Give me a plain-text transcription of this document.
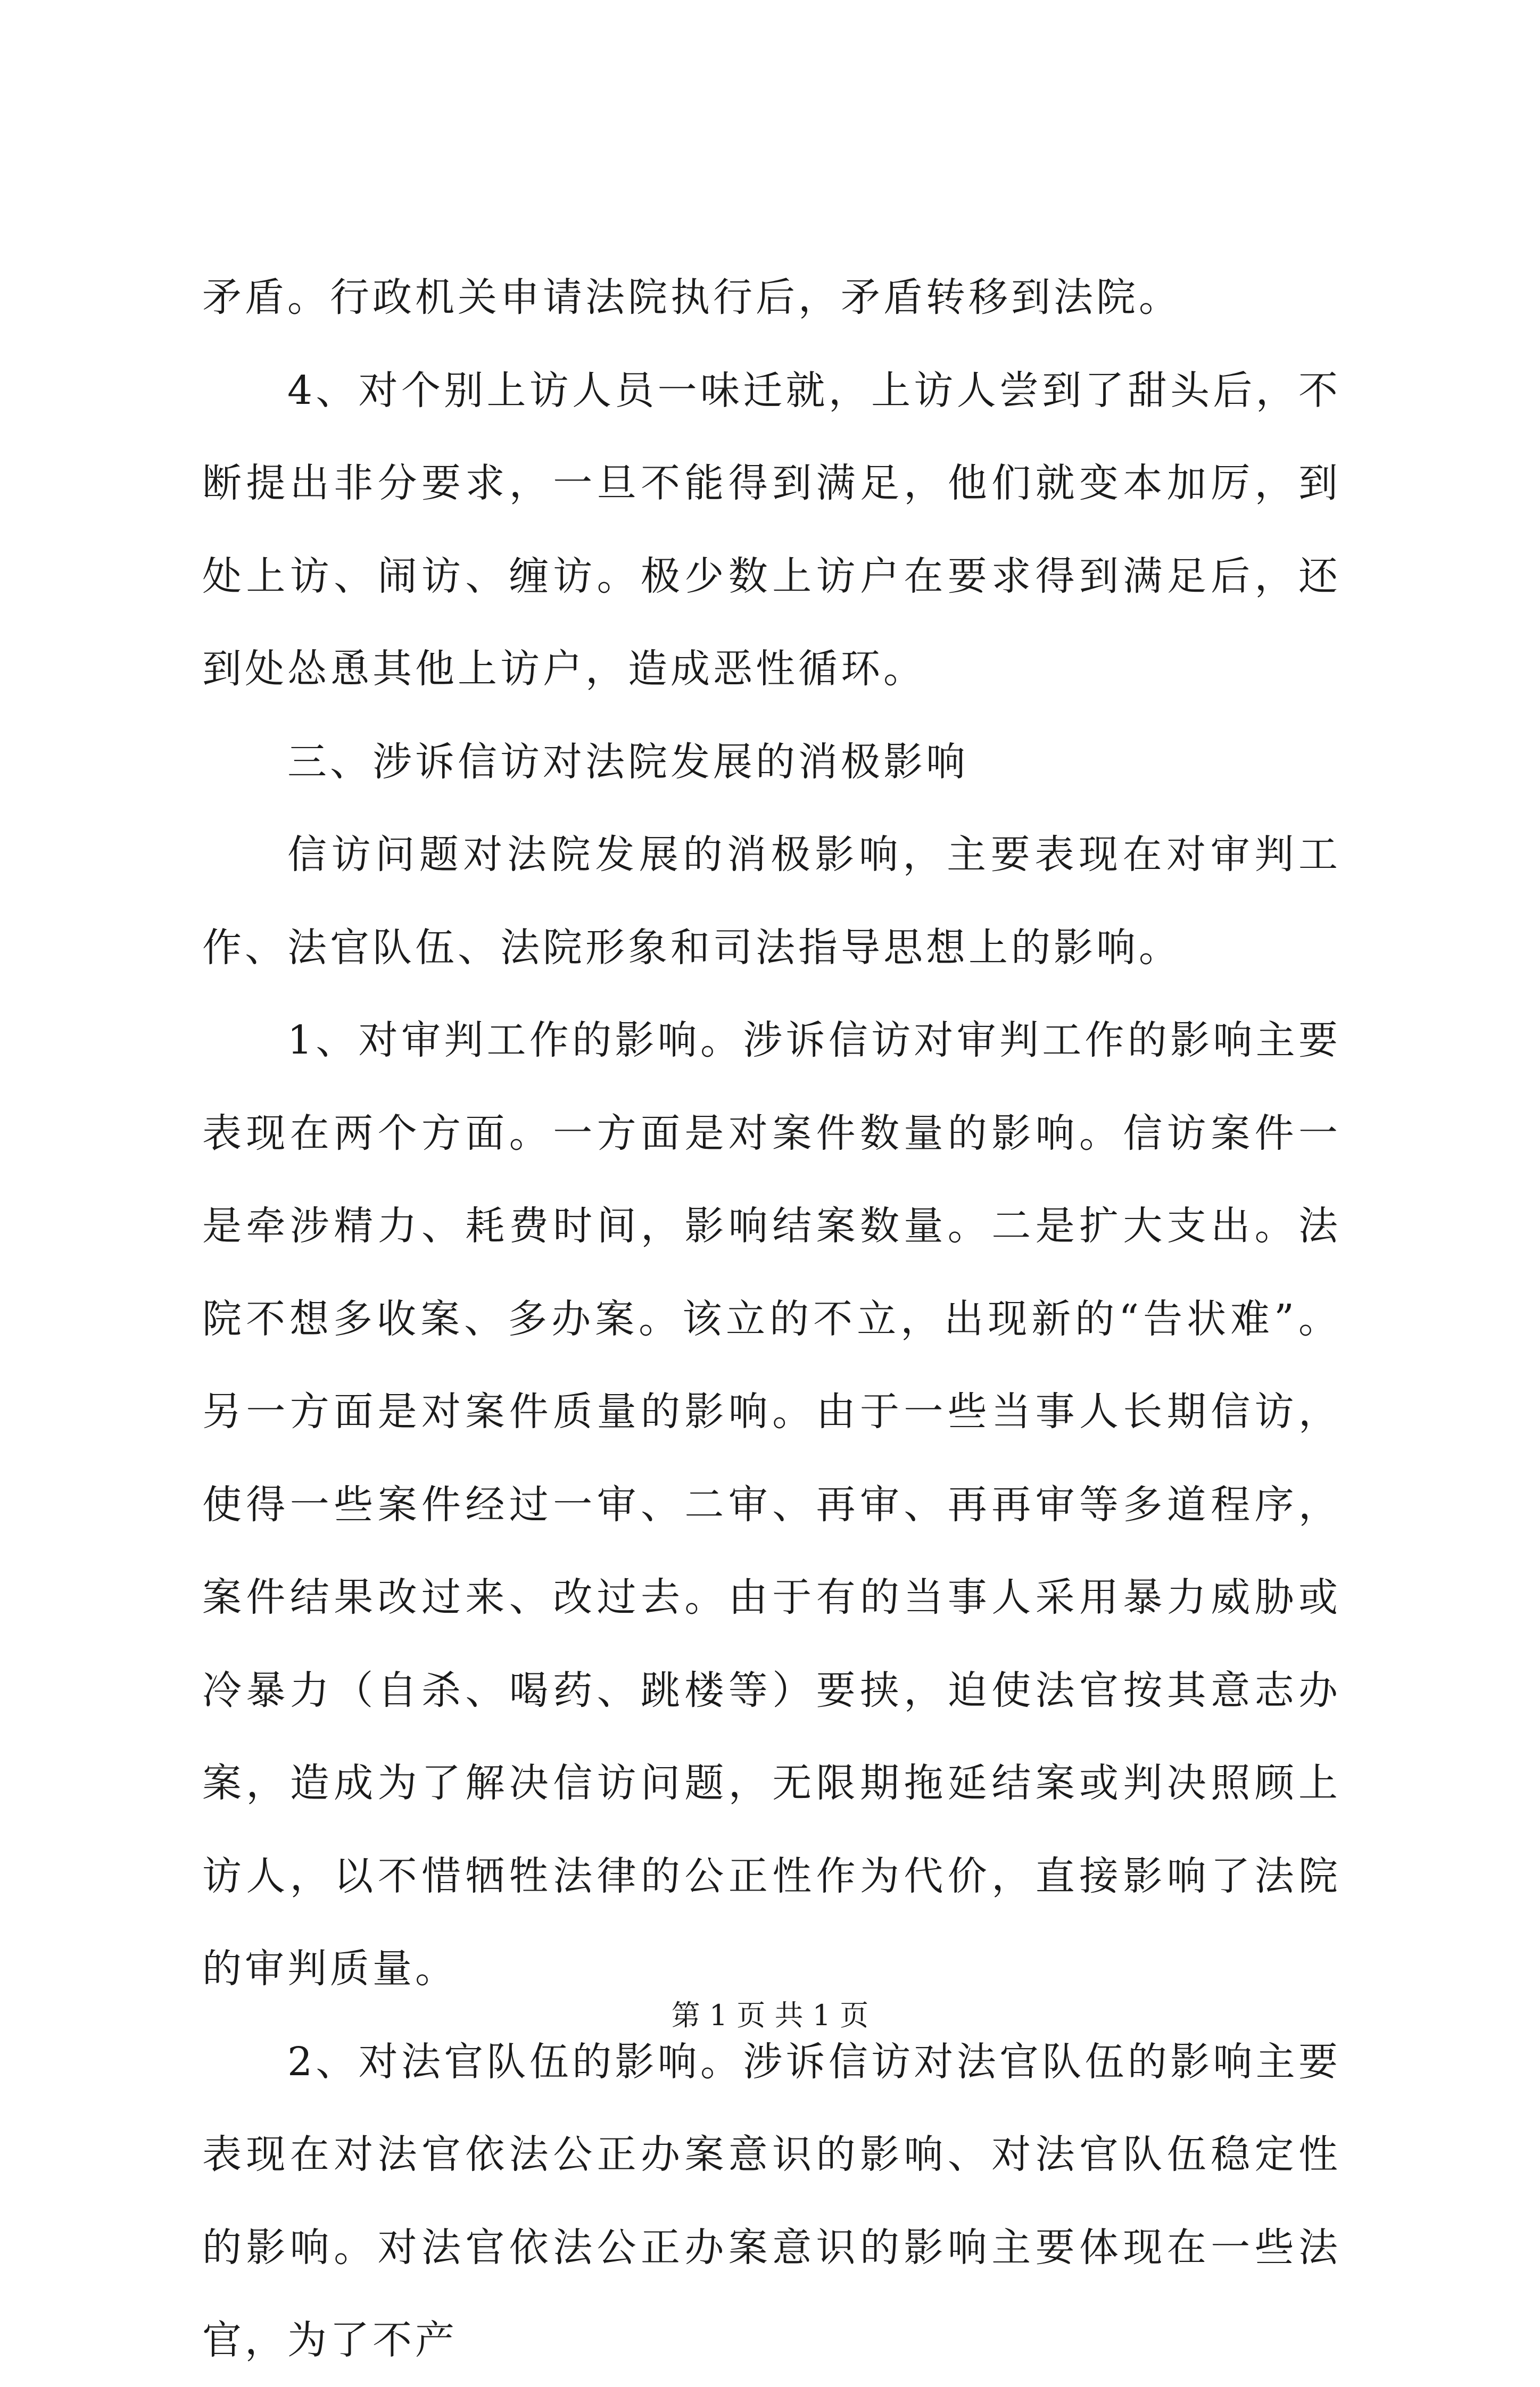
矛盾。行政机关申请法院执行后，矛盾转移到法院。

4、对个别上访人员一味迁就，上访人尝到了甜头后，不断提出非分要求，一旦不能得到满足，他们就变本加厉，到处上访、闹访、缠访。极少数上访户在要求得到满足后，还到处怂恿其他上访户，造成恶性循环。

三、涉诉信访对法院发展的消极影响

信访问题对法院发展的消极影响，主要表现在对审判工作、法官队伍、法院形象和司法指导思想上的影响。

1、对审判工作的影响。涉诉信访对审判工作的影响主要表现在两个方面。一方面是对案件数量的影响。信访案件一是牵涉精力、耗费时间，影响结案数量。二是扩大支出。法院不想多收案、多办案。该立的不立，出现新的“告状难”。另一方面是对案件质量的影响。由于一些当事人长期信访，使得一些案件经过一审、二审、再审、再再审等多道程序，案件结果改过来、改过去。由于有的当事人采用暴力威胁或冷暴力（自杀、喝药、跳楼等）要挟，迫使法官按其意志办案，造成为了解决信访问题，无限期拖延结案或判决照顾上访人，以不惜牺牲法律的公正性作为代价，直接影响了法院的审判质量。

2、对法官队伍的影响。涉诉信访对法官队伍的影响主要表现在对法官依法公正办案意识的影响、对法官队伍稳定性的影响。对法官依法公正办案意识的影响主要体现在一些法官，为了不产

第 1 页 共 1 页
